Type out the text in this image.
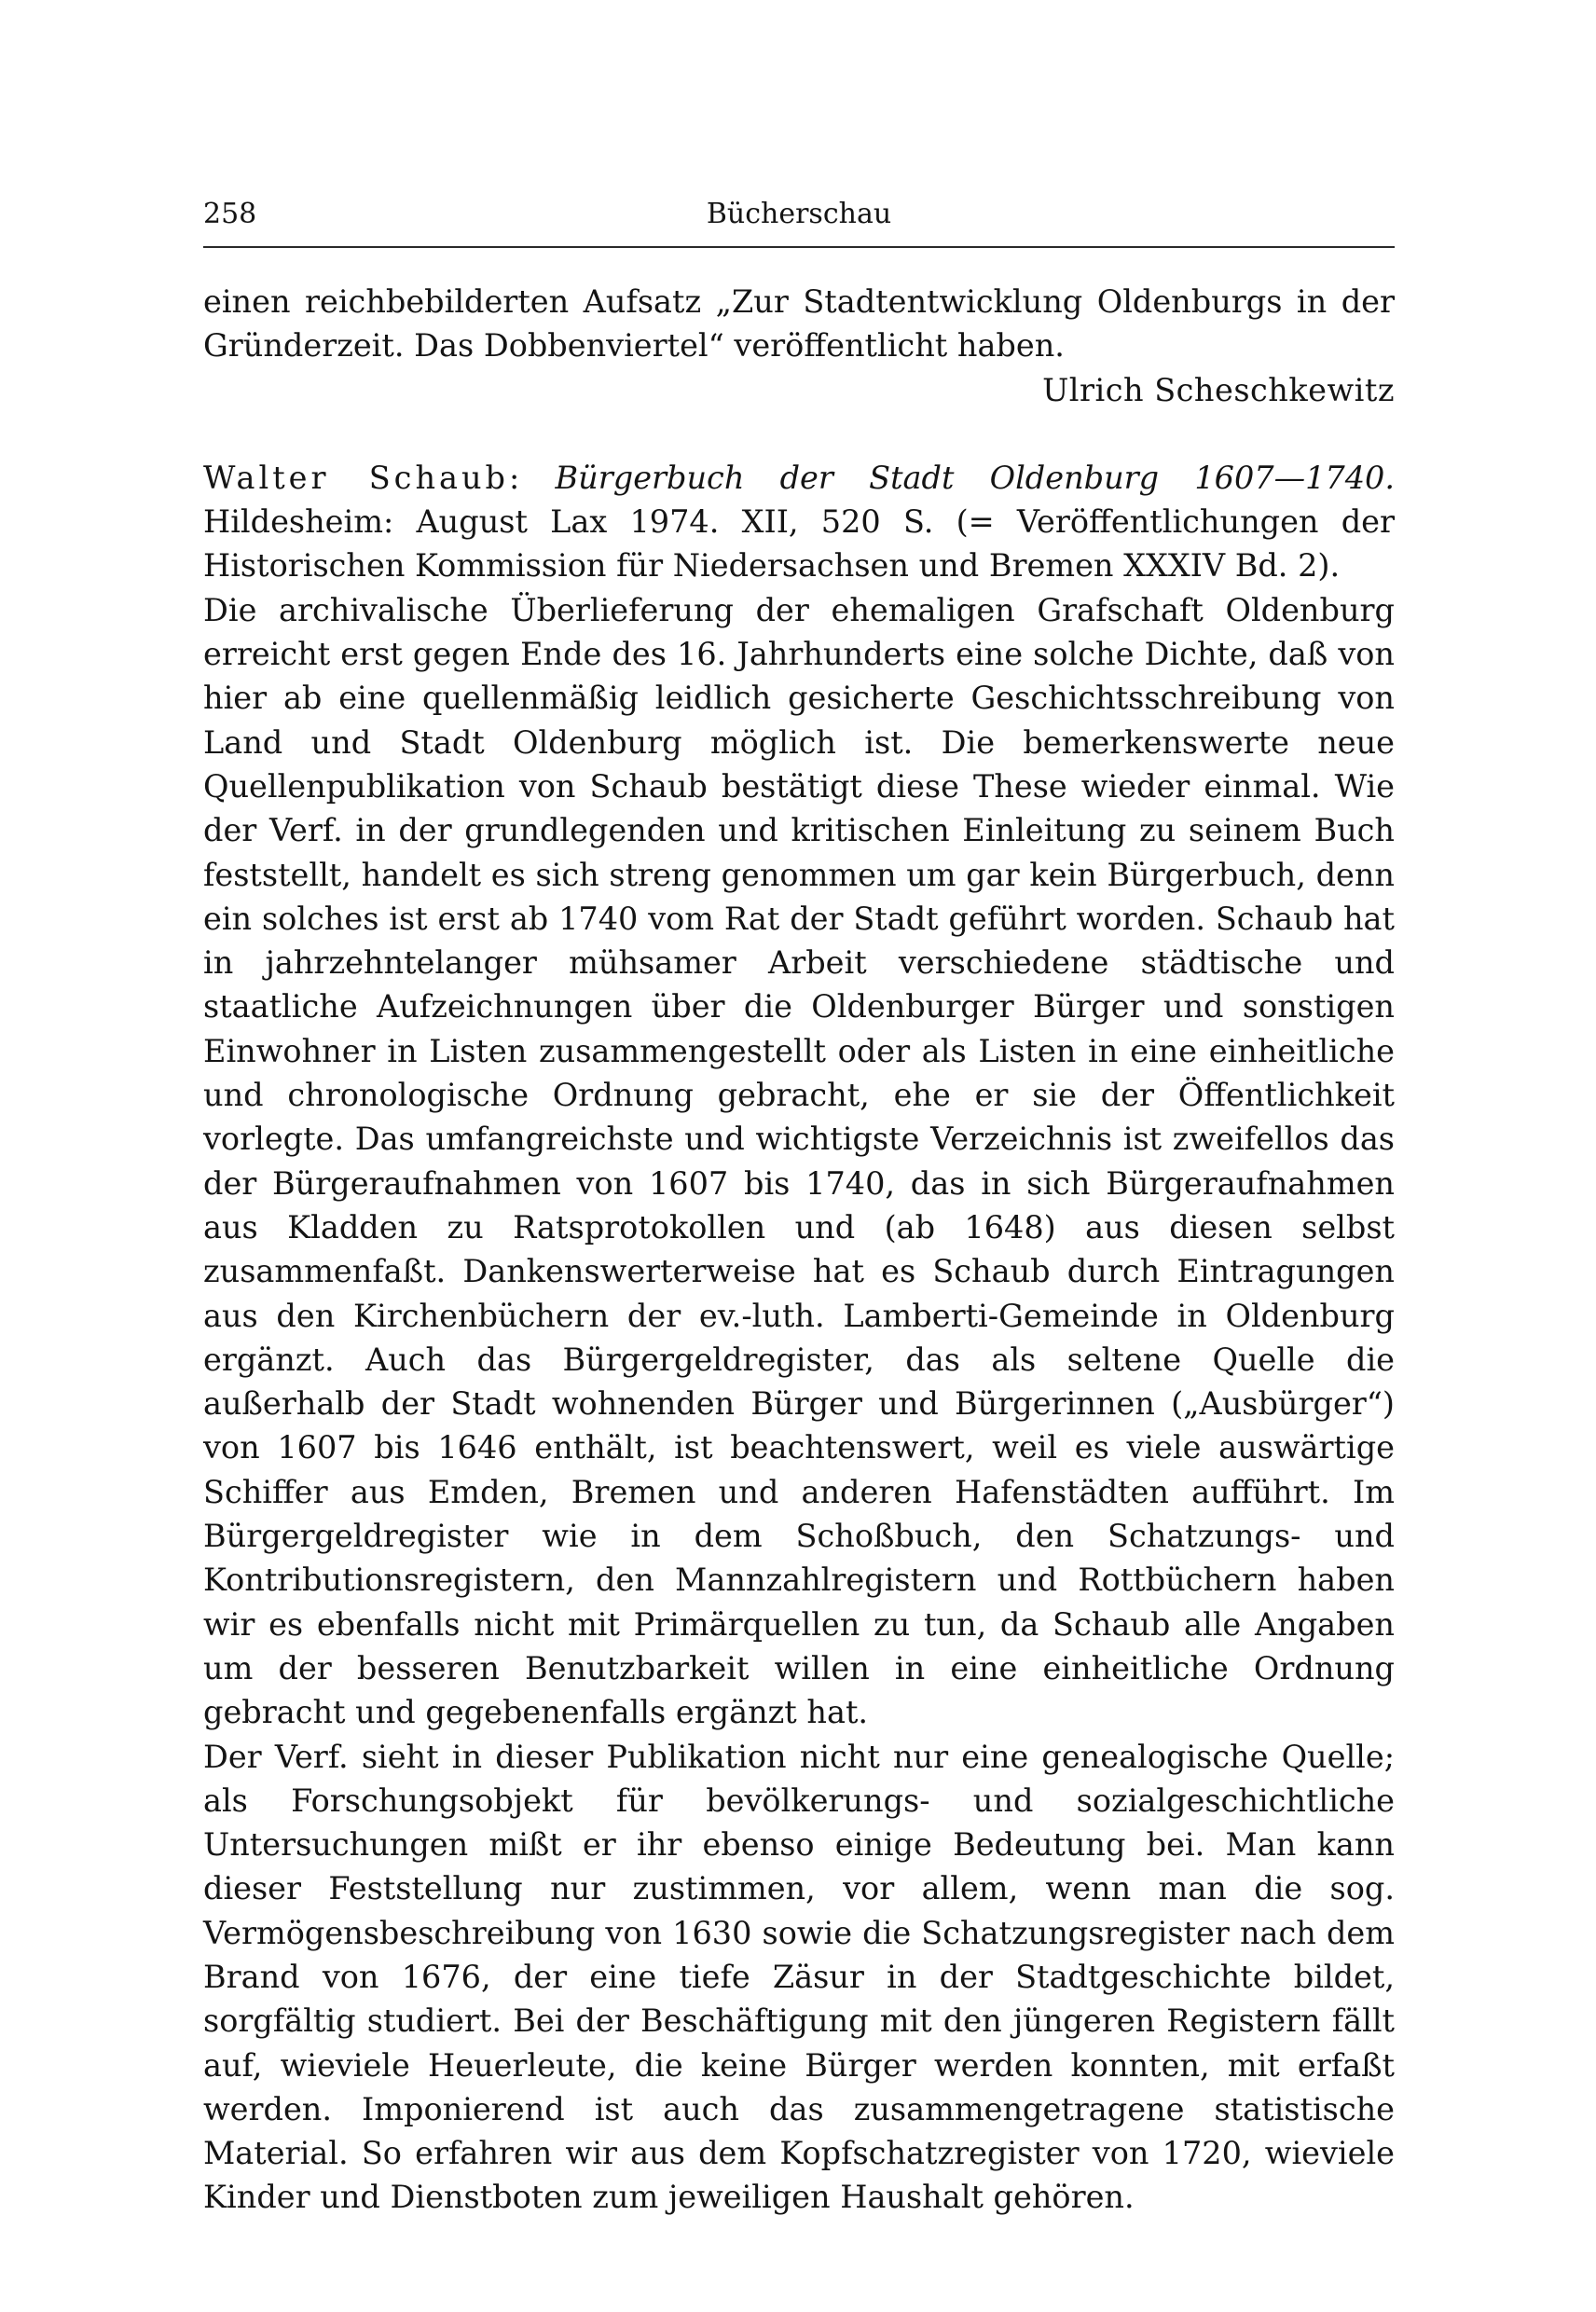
258	Bücherschau

einen reichbebilderten Aufsatz „Zur Stadtentwicklung Oldenburgs in der Gründerzeit. Das Dobbenviertel“ veröffentlicht haben.

Ulrich Scheschkewitz

Walter Schaub: Bürgerbuch der Stadt Oldenburg 1607—1740. Hildesheim: August Lax 1974. XII, 520 S. (= Veröffentlichungen der Historischen Kommission für Niedersachsen und Bremen XXXIV Bd. 2).

Die archivalische Überlieferung der ehemaligen Grafschaft Oldenburg erreicht erst gegen Ende des 16. Jahrhunderts eine solche Dichte, daß von hier ab eine quellenmäßig leidlich gesicherte Geschichtsschreibung von Land und Stadt Oldenburg möglich ist. Die bemerkenswerte neue Quellenpublikation von Schaub bestätigt diese These wieder einmal. Wie der Verf. in der grundlegenden und kritischen Einleitung zu seinem Buch feststellt, handelt es sich streng genommen um gar kein Bürgerbuch, denn ein solches ist erst ab 1740 vom Rat der Stadt geführt worden. Schaub hat in jahrzehntelanger mühsamer Arbeit verschiedene städtische und staatliche Aufzeichnungen über die Oldenburger Bürger und sonstigen Einwohner in Listen zusammengestellt oder als Listen in eine einheitliche und chronologische Ordnung gebracht, ehe er sie der Öffentlichkeit vorlegte. Das umfangreichste und wichtigste Verzeichnis ist zweifellos das der Bürgeraufnahmen von 1607 bis 1740, das in sich Bürgeraufnahmen aus Kladden zu Ratsprotokollen und (ab 1648) aus diesen selbst zusammenfaßt. Dankenswerterweise hat es Schaub durch Eintragungen aus den Kirchenbüchern der ev.-luth. Lamberti-Gemeinde in Oldenburg ergänzt. Auch das Bürgergeldregister, das als seltene Quelle die außerhalb der Stadt wohnenden Bürger und Bürgerinnen („Ausbürger“) von 1607 bis 1646 enthält, ist beachtenswert, weil es viele auswärtige Schiffer aus Emden, Bremen und anderen Hafenstädten aufführt. Im Bürgergeldregister wie in dem Schoßbuch, den Schatzungs- und Kontributionsregistern, den Mannzahlregistern und Rottbüchern haben wir es ebenfalls nicht mit Primärquellen zu tun, da Schaub alle Angaben um der besseren Benutzbarkeit willen in eine einheitliche Ordnung gebracht und gegebenenfalls ergänzt hat.

Der Verf. sieht in dieser Publikation nicht nur eine genealogische Quelle; als Forschungsobjekt für bevölkerungs- und sozialgeschichtliche Untersuchungen mißt er ihr ebenso einige Bedeutung bei. Man kann dieser Feststellung nur zustimmen, vor allem, wenn man die sog. Vermögensbeschreibung von 1630 sowie die Schatzungsregister nach dem Brand von 1676, der eine tiefe Zäsur in der Stadtgeschichte bildet, sorgfältig studiert. Bei der Beschäftigung mit den jüngeren Registern fällt auf, wieviele Heuerleute, die keine Bürger werden konnten, mit erfaßt werden. Imponierend ist auch das zusammengetragene statistische Material. So erfahren wir aus dem Kopfschatzregister von 1720, wieviele Kinder und Dienstboten zum jeweiligen Haushalt gehören.
